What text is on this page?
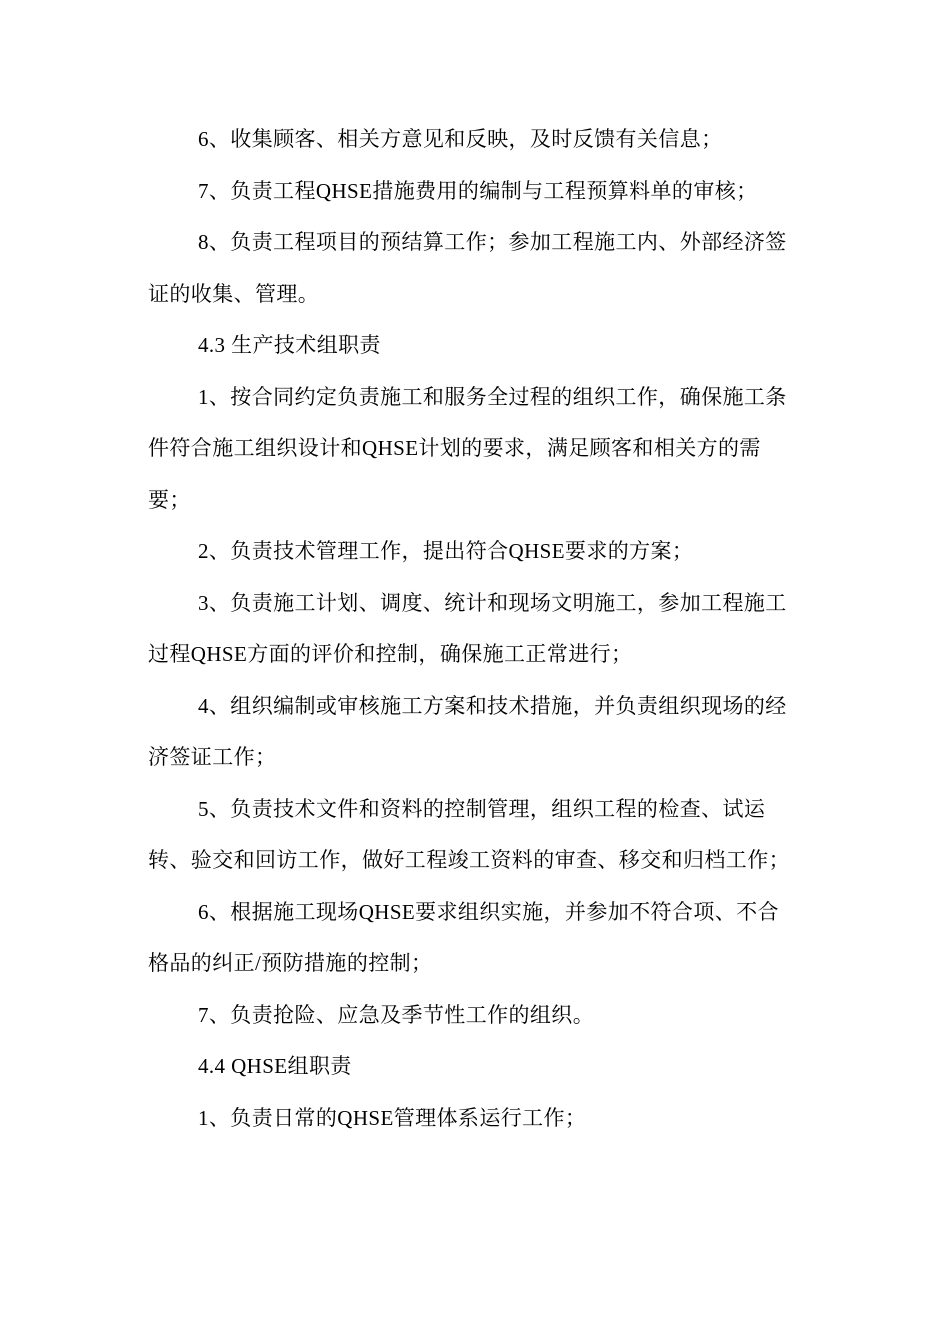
6、收集顾客、相关方意见和反映，及时反馈有关信息；

7、负责工程QHSE措施费用的编制与工程预算料单的审核；

8、负责工程项目的预结算工作；参加工程施工内、外部经济签证的收集、管理。

4.3 生产技术组职责

1、按合同约定负责施工和服务全过程的组织工作，确保施工条件符合施工组织设计和QHSE计划的要求，满足顾客和相关方的需要；

2、负责技术管理工作，提出符合QHSE要求的方案；

3、负责施工计划、调度、统计和现场文明施工，参加工程施工过程QHSE方面的评价和控制，确保施工正常进行；

4、组织编制或审核施工方案和技术措施，并负责组织现场的经济签证工作；

5、负责技术文件和资料的控制管理，组织工程的检查、试运转、验交和回访工作，做好工程竣工资料的审查、移交和归档工作；

6、根据施工现场QHSE要求组织实施，并参加不符合项、不合格品的纠正/预防措施的控制；

7、负责抢险、应急及季节性工作的组织。

4.4 QHSE组职责

1、负责日常的QHSE管理体系运行工作；
